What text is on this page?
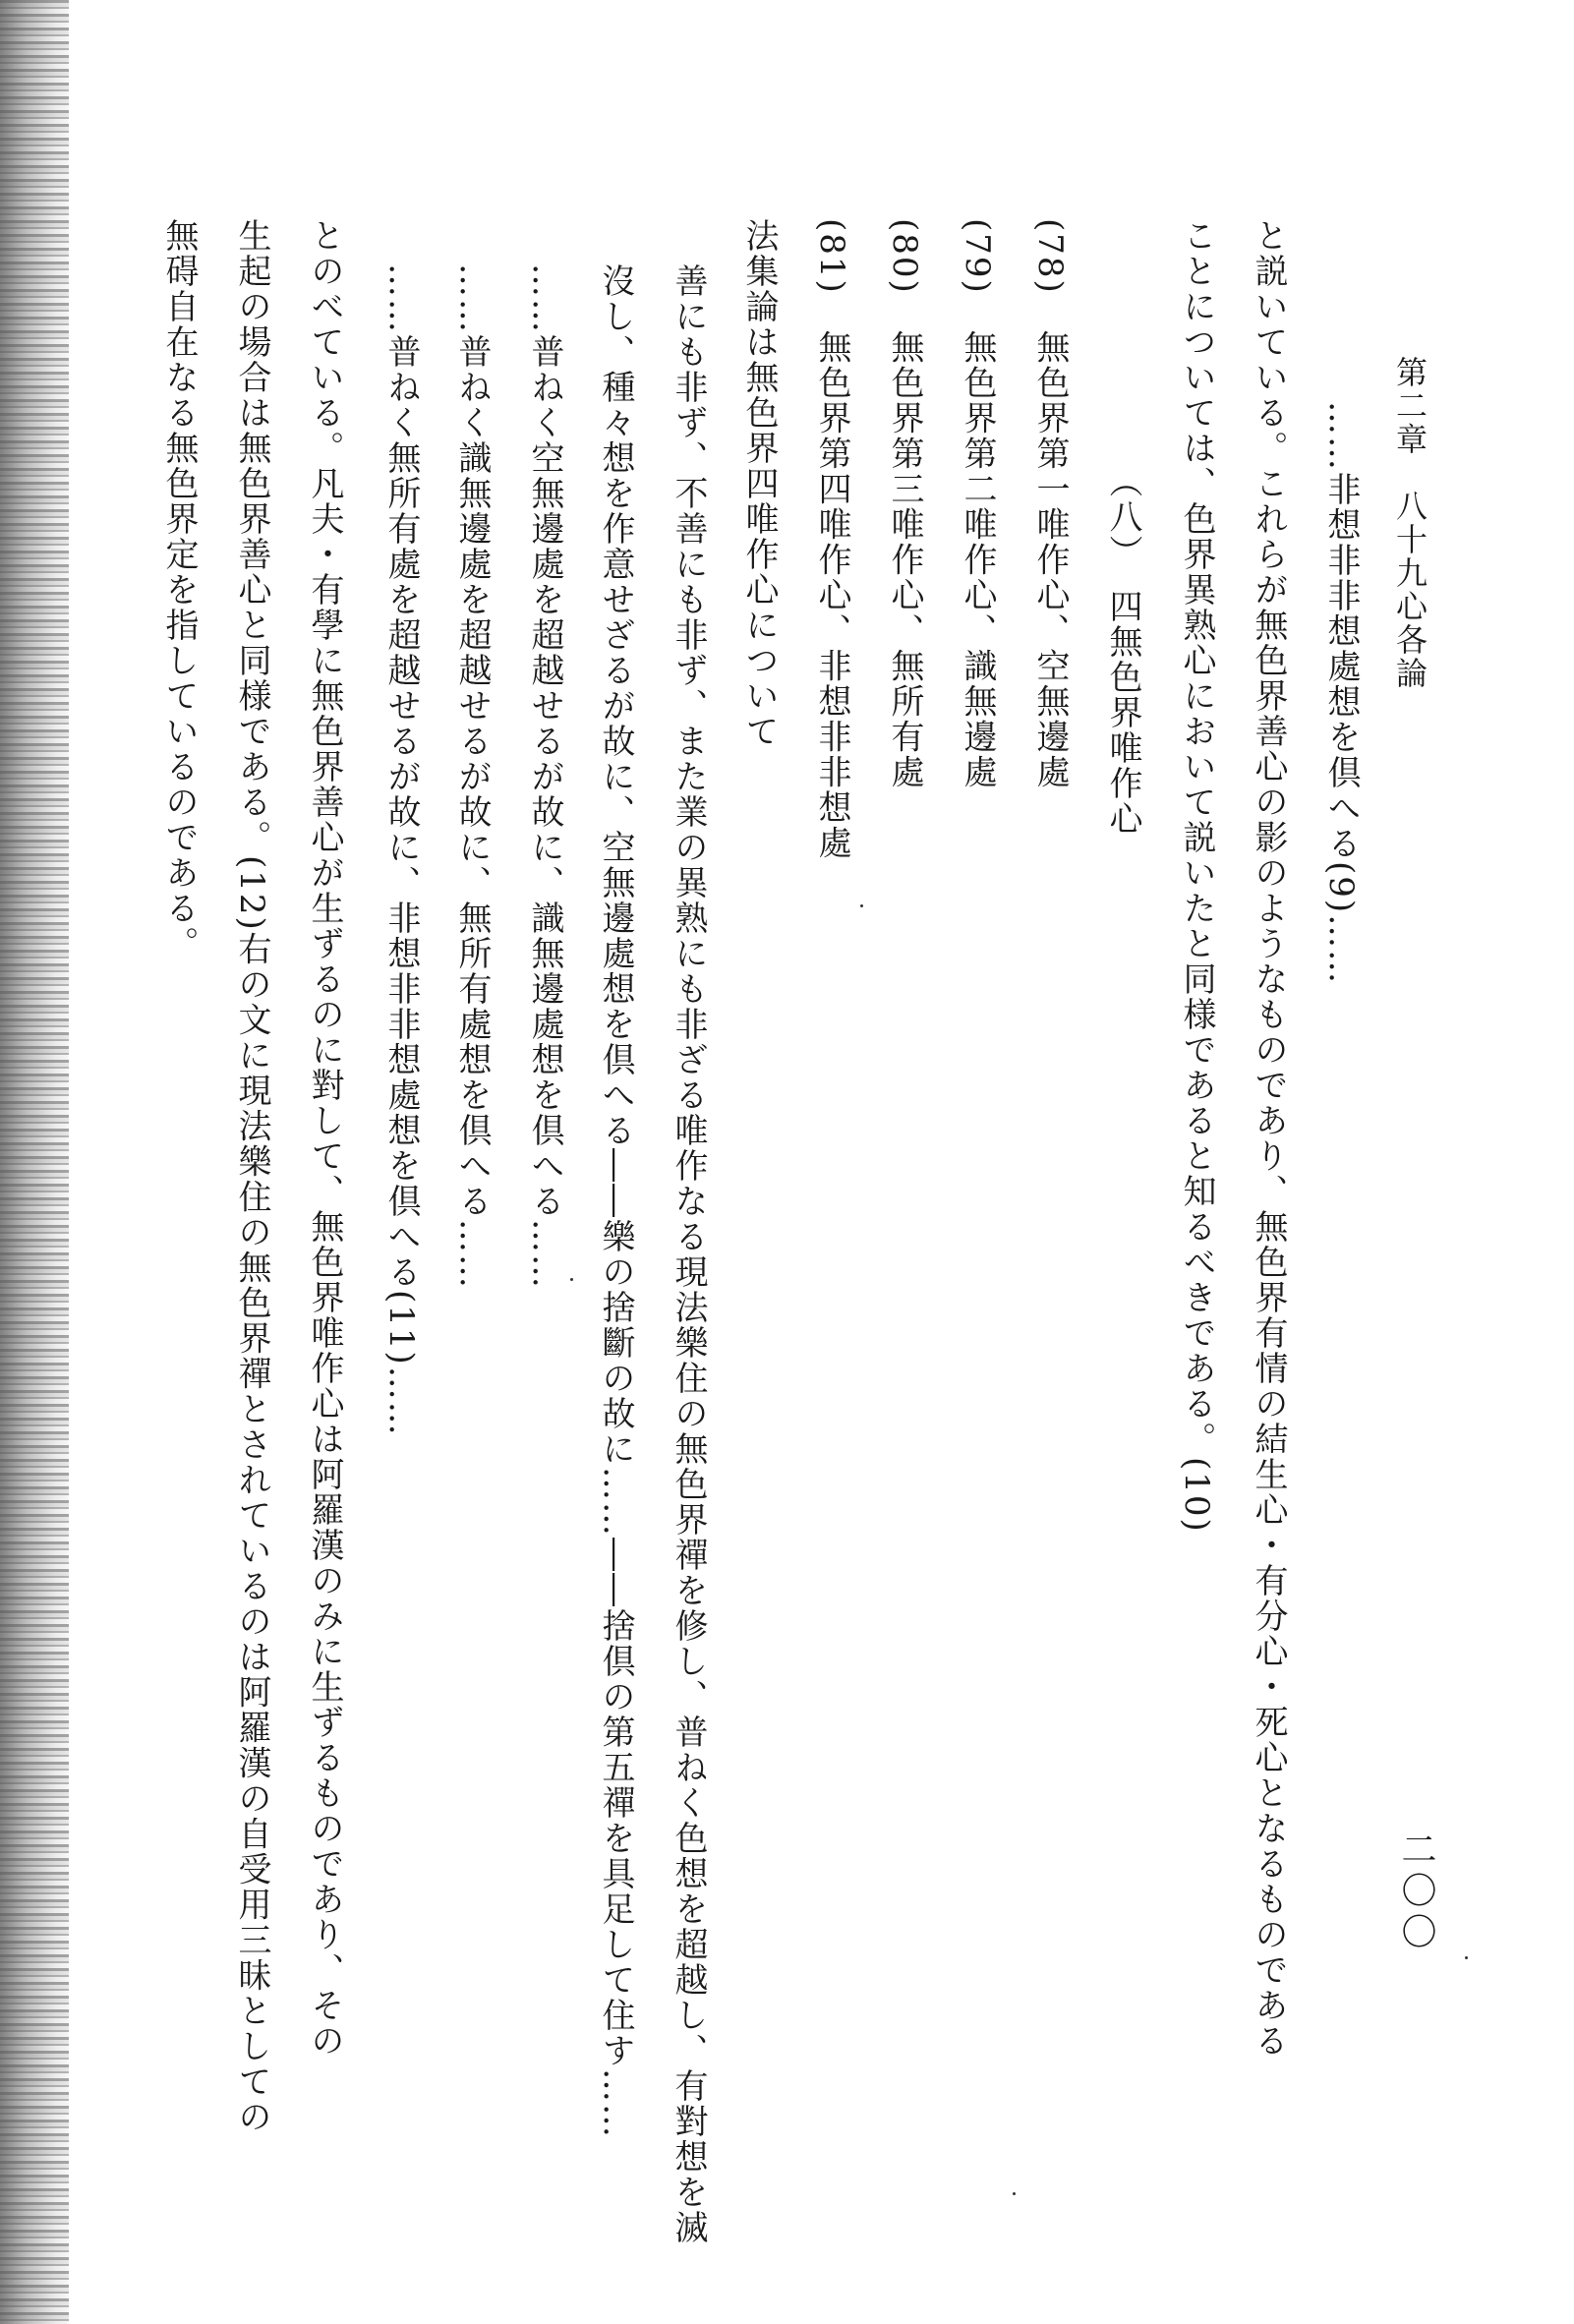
第二章　八十九心各論
二〇〇
……非想非非想處想を倶へる(9)……
と説いている。これらが無色界善心の影のようなものであり、無色界有情の結生心・有分心・死心となるものである
ことについては、色界異熟心において説いたと同様であると知るべきである。(10)
（八）　四無色界唯作心
(78)　無色界第一唯作心、空無邊處
(79)　無色界第二唯作心、識無邊處
(80)　無色界第三唯作心、無所有處
(81)　無色界第四唯作心、非想非非想處
法集論は無色界四唯作心について
善にも非ず、不善にも非ず、また業の異熟にも非ざる唯作なる現法樂住の無色界禪を修し、普ねく色想を超越し、有對想を滅
沒し、種々想を作意せざるが故に、空無邊處想を倶へる――樂の捨斷の故に……――捨倶の第五禪を具足して住す……
……普ねく空無邊處を超越せるが故に、識無邊處想を倶へる……
……普ねく識無邊處を超越せるが故に、無所有處想を倶へる……
……普ねく無所有處を超越せるが故に、非想非非想處想を倶へる(11)……
とのべている。凡夫・有學に無色界善心が生ずるのに對して、無色界唯作心は阿羅漢のみに生ずるものであり、その
生起の場合は無色界善心と同様である。(12)右の文に現法樂住の無色界禪とされているのは阿羅漢の自受用三昧としての
無碍自在なる無色界定を指しているのである。
